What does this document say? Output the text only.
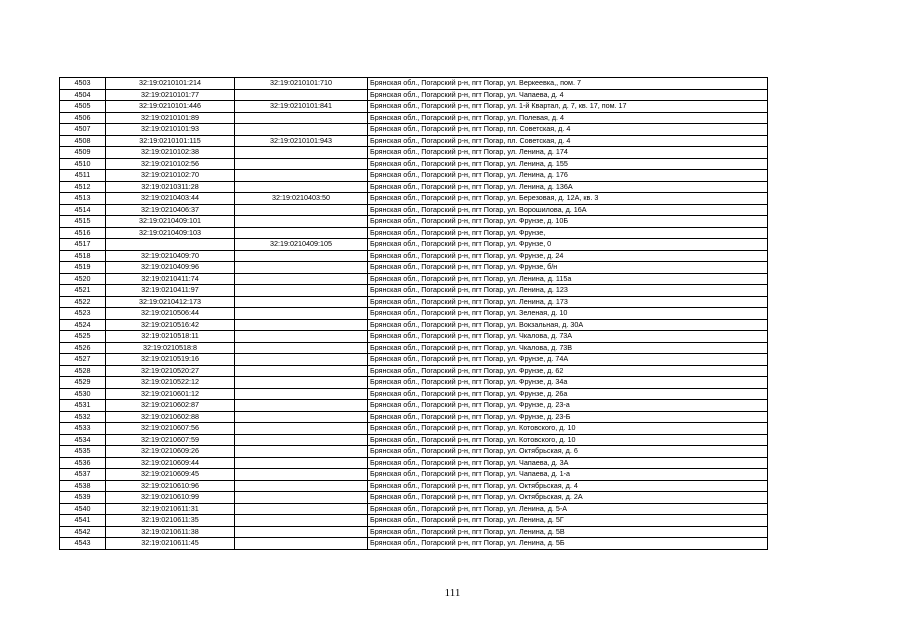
4503	32:19:0210101:214	32:19:0210101:710	Брянская обл., Погарский р-н, пгт Погар, ул. Веркеевка,, пом. 7
4504	32:19:0210101:77		Брянская обл., Погарский р-н, пгт Погар, ул. Чапаева, д. 4
4505	32:19:0210101:446	32:19:0210101:841	Брянская обл., Погарский р-н, пгт Погар, ул. 1-й Квартал, д. 7, кв. 17, пом. 17
4506	32:19:0210101:89		Брянская обл., Погарский р-н, пгт Погар, ул. Полевая, д. 4
4507	32:19:0210101:93		Брянская обл., Погарский р-н, пгт Погар, пл. Советская, д. 4
4508	32:19:0210101:115	32:19:0210101:943	Брянская обл., Погарский р-н, пгт Погар, пл. Советская, д. 4
4509	32:19:0210102:38		Брянская обл., Погарский р-н, пгт Погар, ул. Ленина, д. 174
4510	32:19:0210102:56		Брянская обл., Погарский р-н, пгт Погар, ул. Ленина, д. 155
4511	32:19:0210102:70		Брянская обл., Погарский р-н, пгт Погар, ул. Ленина, д. 176
4512	32:19:0210311:28		Брянская обл., Погарский р-н, пгт Погар, ул. Ленина, д. 136А
4513	32:19:0210403:44	32:19:0210403:50	Брянская обл., Погарский р-н, пгт Погар, ул. Березовая, д. 12А, кв. 3
4514	32:19:0210406:37		Брянская обл., Погарский р-н, пгт Погар, ул. Ворошилова, д. 16А
4515	32:19:0210409:101		Брянская обл., Погарский р-н, пгт Погар, ул. Фрунзе, д. 10Б
4516	32:19:0210409:103		Брянская обл., Погарский р-н, пгт Погар, ул. Фрунзе,
4517		32:19:0210409:105	Брянская обл., Погарский р-н, пгт Погар, ул. Фрунзе, 0
4518	32:19:0210409:70		Брянская обл., Погарский р-н, пгт Погар, ул. Фрунзе, д. 24
4519	32:19:0210409:96		Брянская обл., Погарский р-н, пгт Погар, ул. Фрунзе, б/н
4520	32:19:0210411:74		Брянская обл., Погарский р-н, пгт Погар, ул. Ленина, д. 115а
4521	32:19:0210411:97		Брянская обл., Погарский р-н, пгт Погар, ул. Ленина, д. 123
4522	32:19:0210412:173		Брянская обл., Погарский р-н, пгт Погар, ул. Ленина, д. 173
4523	32:19:0210506:44		Брянская обл., Погарский р-н, пгт Погар, ул. Зеленая, д. 10
4524	32:19:0210516:42		Брянская обл., Погарский р-н, пгт Погар, ул. Вокзальная, д. 30А
4525	32:19:0210518:11		Брянская обл., Погарский р-н, пгт Погар, ул. Чкалова, д. 73А
4526	32:19:0210518:8		Брянская обл., Погарский р-н, пгт Погар, ул. Чкалова, д. 73В
4527	32:19:0210519:16		Брянская обл., Погарский р-н, пгт Погар, ул. Фрунзе, д. 74А
4528	32:19:0210520:27		Брянская обл., Погарский р-н, пгт Погар, ул. Фрунзе, д. 62
4529	32:19:0210522:12		Брянская обл., Погарский р-н, пгт Погар, ул. Фрунзе, д. 34а
4530	32:19:0210601:12		Брянская обл., Погарский р-н, пгт Погар, ул. Фрунзе, д. 26а
4531	32:19:0210602:87		Брянская обл., Погарский р-н, пгт Погар, ул. Фрунзе, д. 23-а
4532	32:19:0210602:88		Брянская обл., Погарский р-н, пгт Погар, ул. Фрунзе, д. 23-Б
4533	32:19:0210607:56		Брянская обл., Погарский р-н, пгт Погар, ул. Котовского, д. 10
4534	32:19:0210607:59		Брянская обл., Погарский р-н, пгт Погар, ул. Котовского, д. 10
4535	32:19:0210609:26		Брянская обл., Погарский р-н, пгт Погар, ул. Октябрьская, д. 6
4536	32:19:0210609:44		Брянская обл., Погарский р-н, пгт Погар, ул. Чапаева, д. 3А
4537	32:19:0210609:45		Брянская обл., Погарский р-н, пгт Погар, ул. Чапаева, д. 1-а
4538	32:19:0210610:96		Брянская обл., Погарский р-н, пгт Погар, ул. Октябрьская, д. 4
4539	32:19:0210610:99		Брянская обл., Погарский р-н, пгт Погар, ул. Октябрьская, д. 2А
4540	32:19:0210611:31		Брянская обл., Погарский р-н, пгт Погар, ул. Ленина, д. 5-А
4541	32:19:0210611:35		Брянская обл., Погарский р-н, пгт Погар, ул. Ленина, д. 5Г
4542	32:19:0210611:38		Брянская обл., Погарский р-н, пгт Погар, ул. Ленина, д. 5В
4543	32:19:0210611:45		Брянская обл., Погарский р-н, пгт Погар, ул. Ленина, д. 5Б
111
